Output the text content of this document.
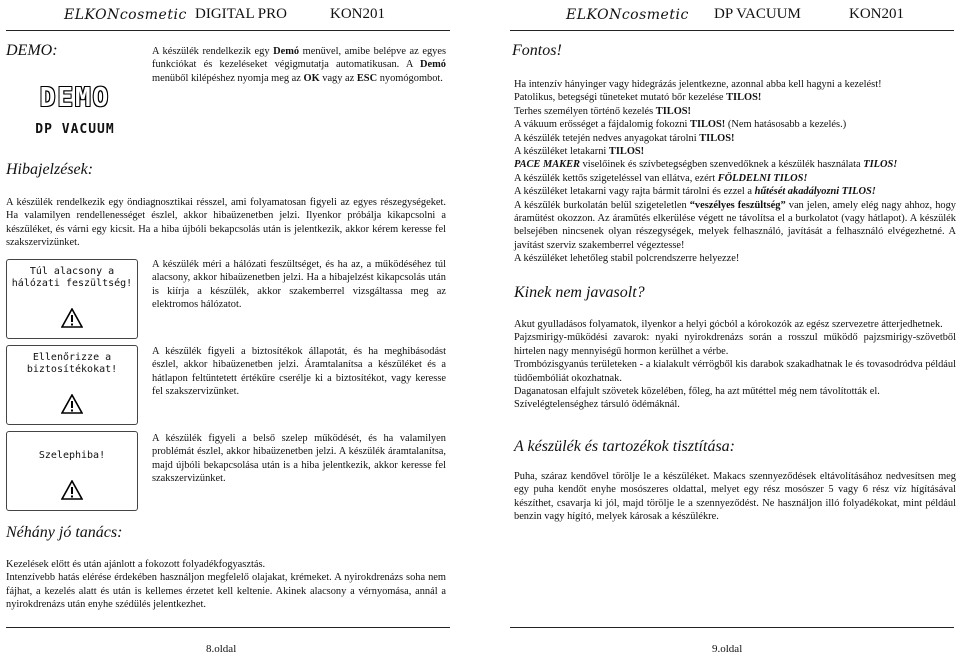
ELKONcosmetic DIGITAL PRO	KON201
DEMO:
DEMO
DP VACUUM
A készülék rendelkezik egy Demó menüvel, amibe belépve az egyes funkciókat és kezeléseket végigmutatja automatikusan. A Demó menüből kilépéshez nyomja meg az OK vagy az ESC nyomógombot.
Hibajelzések:
A készülék rendelkezik egy öndiagnosztikai résszel, ami folyamatosan figyeli az egyes részegységeket. Ha valamilyen rendellenességet észlel, akkor hibaüzenetben jelzi. Ilyenkor próbálja kikapcsolni a készüléket, és várni egy kicsit. Ha a hiba újbóli bekapcsolás után is jelentkezik, akkor kérem keresse fel szakszervizünket.
Túl alacsony a
hálózati feszültség!
A készülék méri a hálózati feszültséget, és ha az, a működéséhez túl alacsony, akkor hibaüzenetben jelzi. Ha a hibajelzést kikapcsolás után is kiírja a készülék, akkor szakemberrel vizsgáltassa meg az elektromos hálózatot.
Ellenőrizze a
biztosítékokat!
A készülék figyeli a biztosítékok állapotát, és ha meghibásodást észlel, akkor hibaüzenetben jelzi. Áramtalanítsa a készüléket és a hátlapon feltüntetett értékűre cserélje ki a biztosítékot, vagy keresse fel szakszervizünket.
Szelephiba!
A készülék figyeli a belső szelep működését, és ha valamilyen problémát észlel, akkor hibaüzenetben jelzi. A készülék áramtalanítsa, majd újbóli bekapcsolása után is a hiba jelentkezik, akkor keresse fel szakszervizünket.
Néhány jó tanács:
Kezelések előtt és után ajánlott a fokozott folyadékfogyasztás.
Intenzívebb hatás elérése érdekében használjon megfelelő olajakat, krémeket. A nyirokdrenázs soha nem fájhat, a kezelés alatt és után is kellemes érzetet kell keltenie. Akinek alacsony a vérnyomása, annál a nyirokdrenázs után enyhe szédülés jelentkezhet.
8.oldal
ELKONcosmetic DP VACUUM	KON201
Fontos!
Ha intenzív hányinger vagy hidegrázás jelentkezne, azonnal abba kell hagyni a kezelést!
Patolikus, betegségi tüneteket mutató bőr kezelése TILOS!
Terhes személyen történő kezelés TILOS!
A vákuum erősséget a fájdalomig fokozni TILOS! (Nem hatásosabb a kezelés.)
A készülék tetején nedves anyagokat tárolni TILOS!
A készüléket letakarni TILOS!
PACE MAKER viselőinek és szívbetegségben szenvedőknek a készülék használata TILOS!
A készülék kettős szigeteléssel van ellátva, ezért FÖLDELNI TILOS!
A készüléket letakarni vagy rajta bármit tárolni és ezzel a hűtését akadályozni TILOS!
A készülék burkolatán belül szigeteletlen “veszélyes feszültség” van jelen, amely elég nagy ahhoz, hogy áramütést okozzon. Az áramütés elkerülése végett ne távolítsa el a burkolatot (vagy hátlapot). A készülék belsejében nincsenek olyan részegységek, melyek felhasználó, javítását a felhasználó elvégezhetné. A javítást szerviz szakemberrel végeztesse!
A készüléket lehetőleg stabil polcrendszerre helyezze!
Kinek nem javasolt?
Akut gyulladásos folyamatok, ilyenkor a helyi gócból a kórokozók az egész szervezetre átterjedhetnek.
Pajzsmirigy-működési zavarok: nyaki nyirokdrenázs során a rosszul működő pajzsmirigy-szövetből hirtelen nagy mennyiségű hormon kerülhet a vérbe.
Trombózisgyanús területeken - a kialakult vérrögből kis darabok szakadhatnak le és tovasodródva például tüdőembóliát okozhatnak.
Daganatosan elfajult szövetek közelében, főleg, ha azt műtéttel még nem távolították el.
Szívelégtelenséghez társuló ödémáknál.
A készülék és tartozékok tisztítása:
Puha, száraz kendővel törölje le a készüléket. Makacs szennyeződések eltávolításához nedvesítsen meg egy puha kendőt enyhe mosószeres oldattal, melyet egy rész mosószer 5 vagy 6 rész víz hígításával készíthet, csavarja ki jól, majd törölje le a szennyeződést. Ne használjon illó folyadékokat, mint például benzin vagy hígító, melyek károsak a készülékre.
9.oldal
